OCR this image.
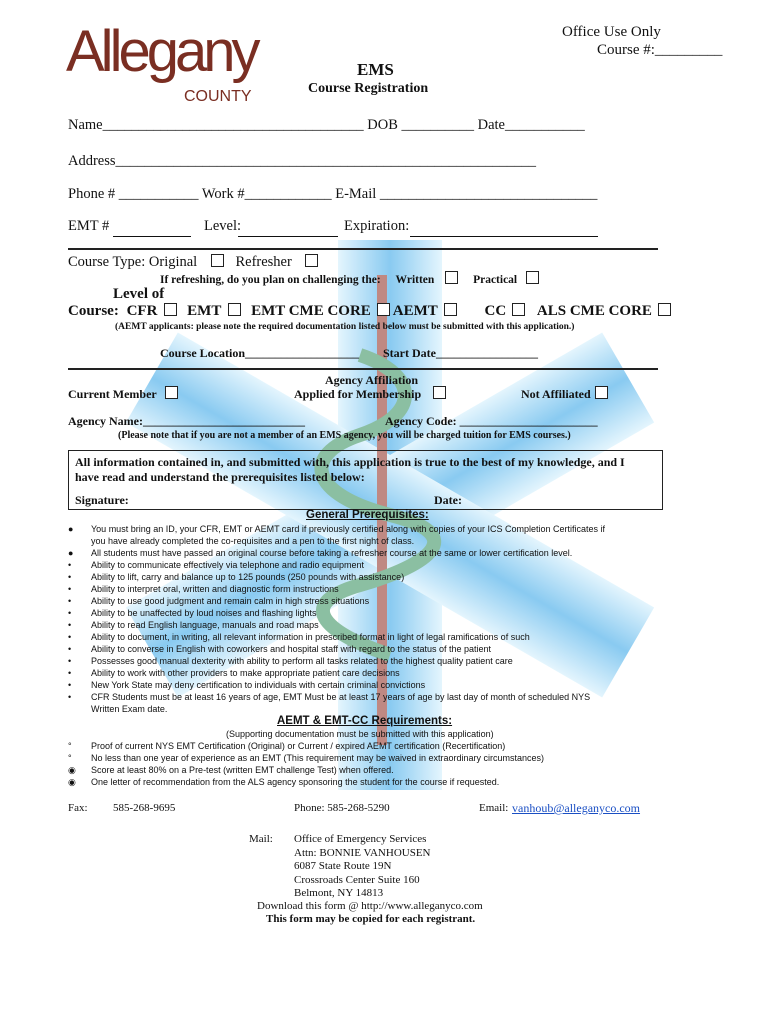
Office Use Only
Course #:_________
Allegany
COUNTY
EMS
Course Registration
Name____________________________________ DOB __________ Date___________
Address__________________________________________________________
Phone # ___________ Work #____________ E-Mail ______________________________
EMT #	Level:	Expiration:
Course Type: Original	Refresher
If refreshing, do you plan on challenging the: Written	Practical
Level of
Course: CFR EMT EMT CME CORE AEMT	CC ALS CME CORE
(AEMT applicants: please note the required documentation listed below must be submitted with this application.)
Course Location___________________ Start Date_________________
Agency Affiliation
Current Member	Applied for Membership	Not Affiliated
Agency Name:___________________________	Agency Code: _______________________
(Please note that if you are not a member of an EMS agency, you will be charged tuition for EMS courses.)
All information contained in, and submitted with, this application is true to the best of my knowledge, and I
have read and understand the prerequisites listed below:
Signature:	Date:
General Prerequisites:
● You must bring an ID, your CFR, EMT or AEMT card if previously certified along with copies of your ICS Completion Certificates if
you have already completed the co-requisites and a pen to the first night of class.
● All students must have passed an original course before taking a refresher course at the same or lower certification level.
• Ability to communicate effectively via telephone and radio equipment
• Ability to lift, carry and balance up to 125 pounds (250 pounds with assistance)
• Ability to interpret oral, written and diagnostic form instructions
• Ability to use good judgment and remain calm in high stress situations
• Ability to be unaffected by loud noises and flashing lights
• Ability to read English language, manuals and road maps
• Ability to document, in writing, all relevant information in prescribed format in light of legal ramifications of such
• Ability to converse in English with coworkers and hospital staff with regard to the status of the patient
• Possesses good manual dexterity with ability to perform all tasks related to the highest quality patient care
• Ability to work with other providers to make appropriate patient care decisions
• New York State may deny certification to individuals with certain criminal convictions
• CFR Students must be at least 16 years of age, EMT Must be at least 17 years of age by last day of month of scheduled NYS
Written Exam date.
AEMT & EMT-CC Requirements:
(Supporting documentation must be submitted with this application)
° Proof of current NYS EMT Certification (Original) or Current / expired AEMT certification (Recertification)
° No less than one year of experience as an EMT (This requirement may be waived in extraordinary circumstances)
◉ Score at least 80% on a Pre-test (written EMT challenge Test) when offered.
◉ One letter of recommendation from the ALS agency sponsoring the student for the course if requested.
Fax: 585-268-9695	Phone: 585-268-5290	Email: vanhoub@alleganyco.com
Mail: Office of Emergency Services
Attn: BONNIE VANHOUSEN
6087 State Route 19N
Crossroads Center Suite 160
Belmont, NY 14813
Download this form @ http://www.alleganyco.com
This form may be copied for each registrant.
